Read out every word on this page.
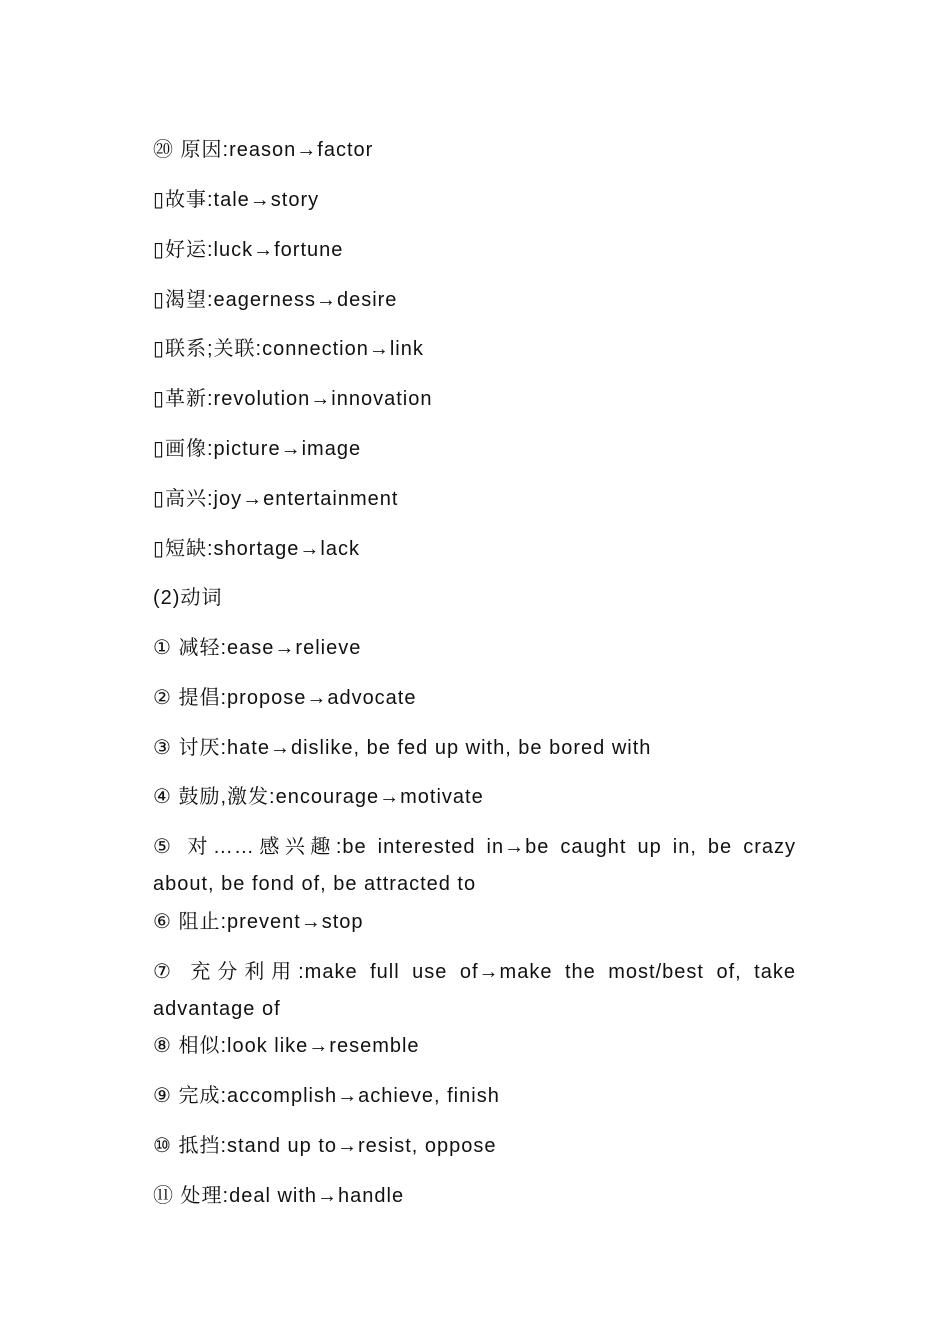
⑳ 原因:reason→factor
▯故事:tale→story
▯好运:luck→fortune
▯渴望:eagerness→desire
▯联系;关联:connection→link
▯革新:revolution→innovation
▯画像:picture→image
▯高兴:joy→entertainment
▯短缺:shortage→lack
(2)动词
① 减轻:ease→relieve
② 提倡:propose→advocate
③ 讨厌:hate→dislike, be fed up with, be bored with
④ 鼓励,激发:encourage→motivate
⑤ 对……感兴趣:be interested in→be caught up in, be crazy about, be fond of, be attracted to
⑥ 阻止:prevent→stop
⑦ 充分利用:make full use of→make the most/best of, take advantage of
⑧ 相似:look like→resemble
⑨ 完成:accomplish→achieve, finish
⑩ 抵挡:stand up to→resist, oppose
⑪ 处理:deal with→handle
